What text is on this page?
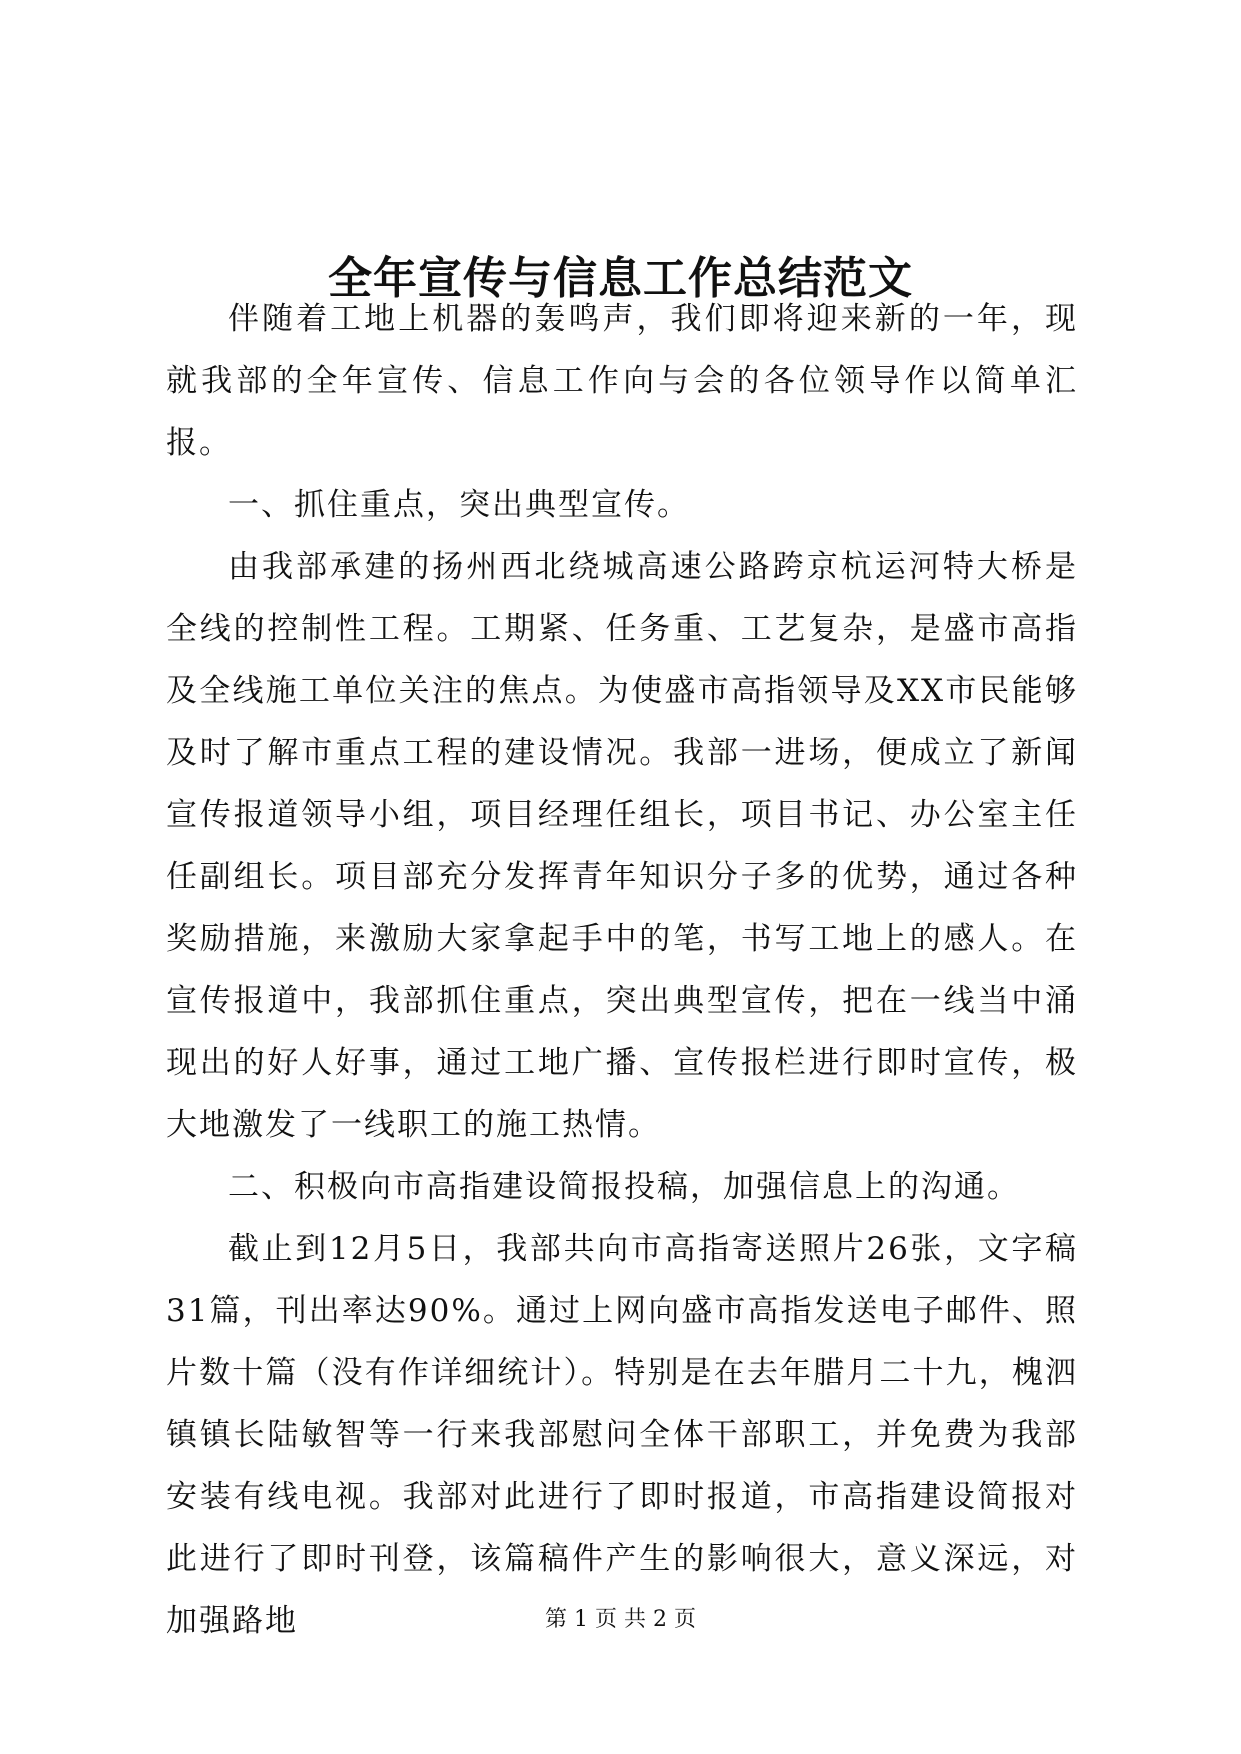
全年宣传与信息工作总结范文

伴随着工地上机器的轰鸣声，我们即将迎来新的一年，现就我部的全年宣传、信息工作向与会的各位领导作以简单汇报。

一、抓住重点，突出典型宣传。

由我部承建的扬州西北绕城高速公路跨京杭运河特大桥是全线的控制性工程。工期紧、任务重、工艺复杂，是盛市高指及全线施工单位关注的焦点。为使盛市高指领导及XX市民能够及时了解市重点工程的建设情况。我部一进场，便成立了新闻宣传报道领导小组，项目经理任组长，项目书记、办公室主任任副组长。项目部充分发挥青年知识分子多的优势，通过各种奖励措施，来激励大家拿起手中的笔，书写工地上的感人。在宣传报道中，我部抓住重点，突出典型宣传，把在一线当中涌现出的好人好事，通过工地广播、宣传报栏进行即时宣传，极大地激发了一线职工的施工热情。

二、积极向市高指建设简报投稿，加强信息上的沟通。

截止到12月5日，我部共向市高指寄送照片26张，文字稿31篇，刊出率达90%。通过上网向盛市高指发送电子邮件、照片数十篇（没有作详细统计）。特别是在去年腊月二十九，槐泗镇镇长陆敏智等一行来我部慰问全体干部职工，并免费为我部安装有线电视。我部对此进行了即时报道，市高指建设简报对此进行了即时刊登，该篇稿件产生的影响很大，意义深远，对加强路地	第 1 页 共 2 页
